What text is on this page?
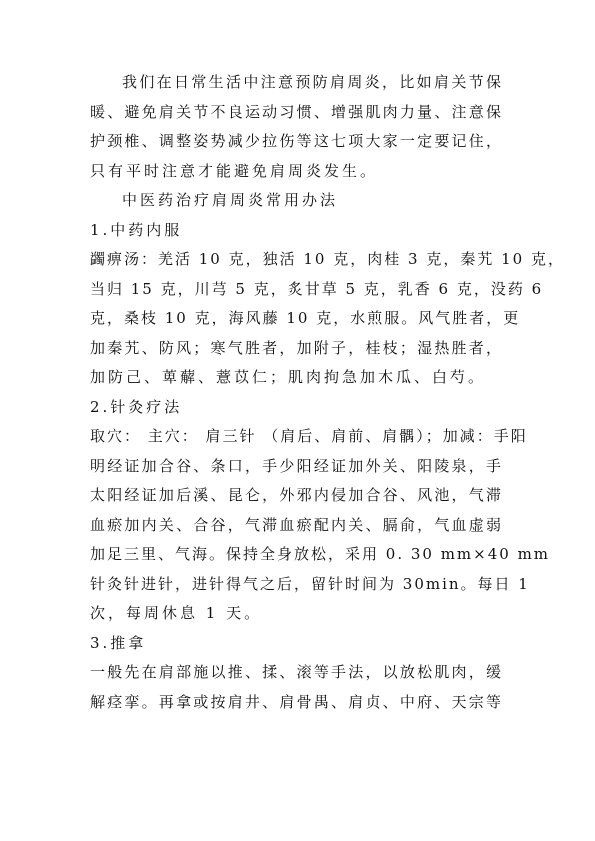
我们在日常生活中注意预防肩周炎，比如肩关节保
暖、避免肩关节不良运动习惯、增强肌肉力量、注意保
护颈椎、调整姿势减少拉伤等这七项大家一定要记住，
只有平时注意才能避免肩周炎发生。
中医药治疗肩周炎常用办法
1.中药内服
蠲痹汤：羌活 10 克，独活 10 克，肉桂 3 克，秦艽 10 克，
当归 15 克，川芎 5 克，炙甘草 5 克，乳香 6 克，没药 6
克，桑枝 10 克，海风藤 10 克，水煎服。风气胜者，更
加秦艽、防风；寒气胜者，加附子，桂枝；湿热胜者，
加防己、萆薢、薏苡仁；肌肉拘急加木瓜、白芍。
2.针灸疗法
取穴： 主穴： 肩三针 （肩后、肩前、肩髃）；加减：手阳
明经证加合谷、条口，手少阳经证加外关、阳陵泉，手
太阳经证加后溪、昆仑，外邪内侵加合谷、风池，气滞
血瘀加内关、合谷，气滞血瘀配内关、膈俞，气血虚弱
加足三里、气海。保持全身放松，采用 0. 30 mm×40 mm
针灸针进针，进针得气之后，留针时间为 30min。每日 1
次，每周休息 1 天。
3.推拿
一般先在肩部施以推、揉、滚等手法，以放松肌肉，缓
解痉挛。再拿或按肩井、肩骨禺、肩贞、中府、天宗等
